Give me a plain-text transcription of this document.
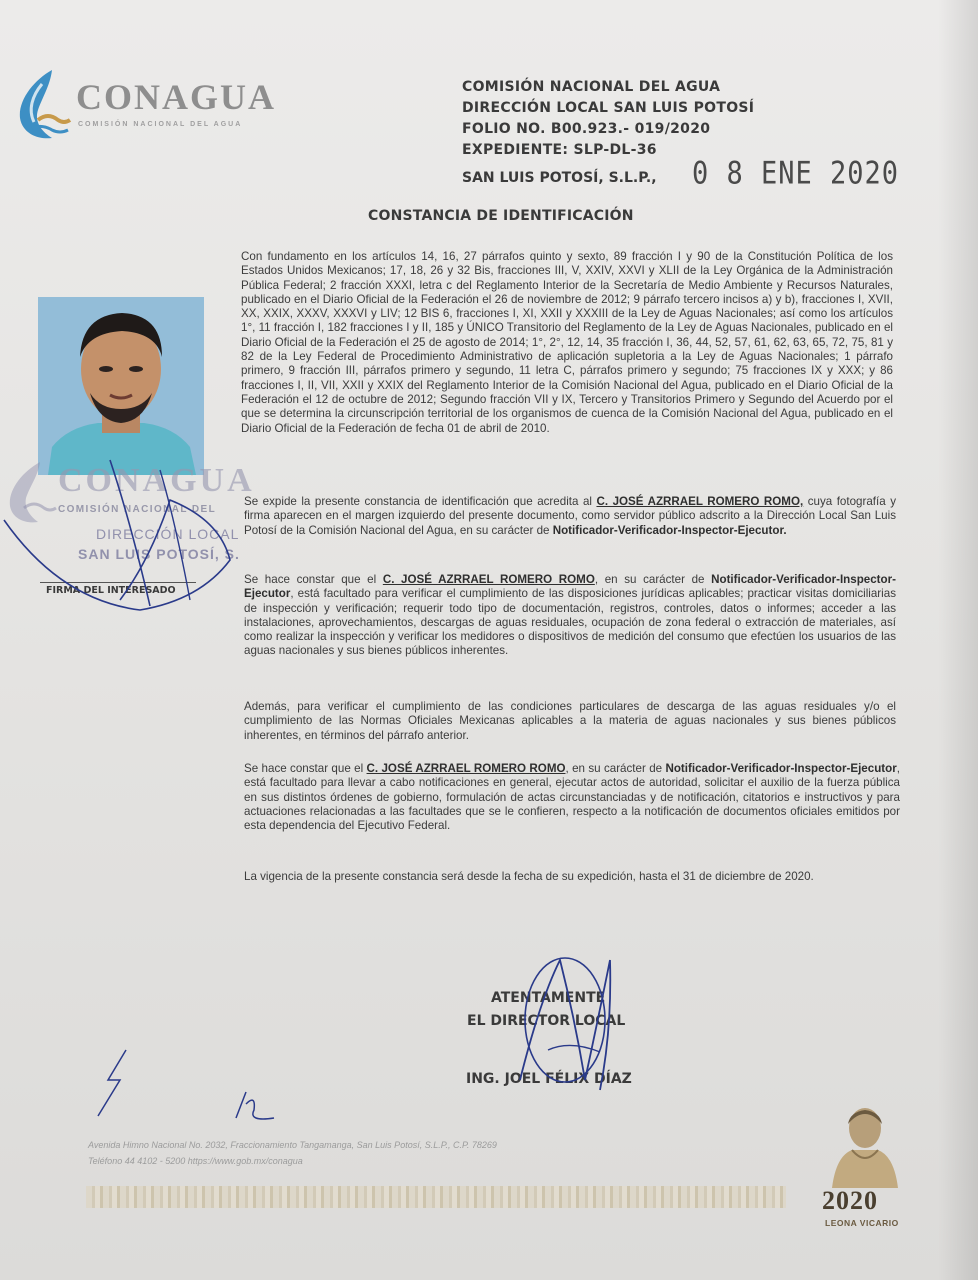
CONAGUA
COMISIÓN NACIONAL DEL AGUA
COMISIÓN NACIONAL DEL AGUA
DIRECCIÓN LOCAL SAN LUIS POTOSÍ
FOLIO NO. B00.923.- 019/2020
EXPEDIENTE: SLP-DL-36
SAN LUIS POTOSÍ, S.L.P., 0 8 ENE 2020
CONSTANCIA DE IDENTIFICACIÓN

Con fundamento en los artículos 14, 16, 27 párrafos quinto y sexto, 89 fracción I y 90 de la Constitución Política de los Estados Unidos Mexicanos; 17, 18, 26 y 32 Bis, fracciones III, V, XXIV, XXVI y XLII de la Ley Orgánica de la Administración Pública Federal; 2 fracción XXXI, letra c del Reglamento Interior de la Secretaría de Medio Ambiente y Recursos Naturales, publicado en el Diario Oficial de la Federación el 26 de noviembre de 2012; 9 párrafo tercero incisos a) y b), fracciones I, XVII, XX, XXIX, XXXV, XXXVI y LIV; 12 BIS 6, fracciones I, XI, XXII y XXXIII de la Ley de Aguas Nacionales; así como los artículos 1°, 11 fracción I, 182 fracciones I y II, 185 y ÚNICO Transitorio del Reglamento de la Ley de Aguas Nacionales, publicado en el Diario Oficial de la Federación el 25 de agosto de 2014; 1°, 2°, 12, 14, 35 fracción I, 36, 44, 52, 57, 61, 62, 63, 65, 72, 75, 81 y 82 de la Ley Federal de Procedimiento Administrativo de aplicación supletoria a la Ley de Aguas Nacionales; 1 párrafo primero, 9 fracción III, párrafos primero y segundo, 11 letra C, párrafos primero y segundo; 75 fracciones IX y XXX; y 86 fracciones I, II, VII, XXII y XXIX del Reglamento Interior de la Comisión Nacional del Agua, publicado en el Diario Oficial de la Federación el 12 de octubre de 2012; Segundo fracción VII y IX, Tercero y Transitorios Primero y Segundo del Acuerdo por el que se determina la circunscripción territorial de los organismos de cuenca de la Comisión Nacional del Agua, publicado en el Diario Oficial de la Federación de fecha 01 de abril de 2010.

Se expide la presente constancia de identificación que acredita al C. JOSÉ AZRRAEL ROMERO ROMO, cuya fotografía y firma aparecen en el margen izquierdo del presente documento, como servidor público adscrito a la Dirección Local San Luis Potosí de la Comisión Nacional del Agua, en su carácter de Notificador-Verificador-Inspector-Ejecutor.

Se hace constar que el C. JOSÉ AZRRAEL ROMERO ROMO, en su carácter de Notificador-Verificador-Inspector-Ejecutor, está facultado para verificar el cumplimiento de las disposiciones jurídicas aplicables; practicar visitas domiciliarias de inspección y verificación; requerir todo tipo de documentación, registros, controles, datos o informes; acceder a las instalaciones, aprovechamientos, descargas de aguas residuales, ocupación de zona federal o extracción de materiales, así como realizar la inspección y verificar los medidores o dispositivos de medición del consumo que efectúen los usuarios de las aguas nacionales y sus bienes públicos inherentes.

Además, para verificar el cumplimiento de las condiciones particulares de descarga de las aguas residuales y/o el cumplimiento de las Normas Oficiales Mexicanas aplicables a la materia de aguas nacionales y sus bienes públicos inherentes, en términos del párrafo anterior.

Se hace constar que el C. JOSÉ AZRRAEL ROMERO ROMO, en su carácter de Notificador-Verificador-Inspector-Ejecutor, está facultado para llevar a cabo notificaciones en general, ejecutar actos de autoridad, solicitar el auxilio de la fuerza pública en sus distintos órdenes de gobierno, formulación de actas circunstanciadas y de notificación, citatorios e instructivos y para actuaciones relacionadas a las facultades que se le confieren, respecto a la notificación de documentos oficiales emitidos por esta dependencia del Ejecutivo Federal.

La vigencia de la presente constancia será desde la fecha de su expedición, hasta el 31 de diciembre de 2020.

CONAGUA
COMISIÓN NACIONAL DEL
DIRECCIÓN LOCAL
SAN LUIS POTOSÍ, S.
FIRMA DEL INTERESADO
ATENTAMENTE
EL DIRECTOR LOCAL
ING. JOEL FÉLIX DÍAZ
Avenida Himno Nacional No. 2032, Fraccionamiento Tangamanga, San Luis Potosí, S.L.P., C.P. 78269
Teléfono 44 4102 - 5200 https://www.gob.mx/conagua
2020
LEONA VICARIO
